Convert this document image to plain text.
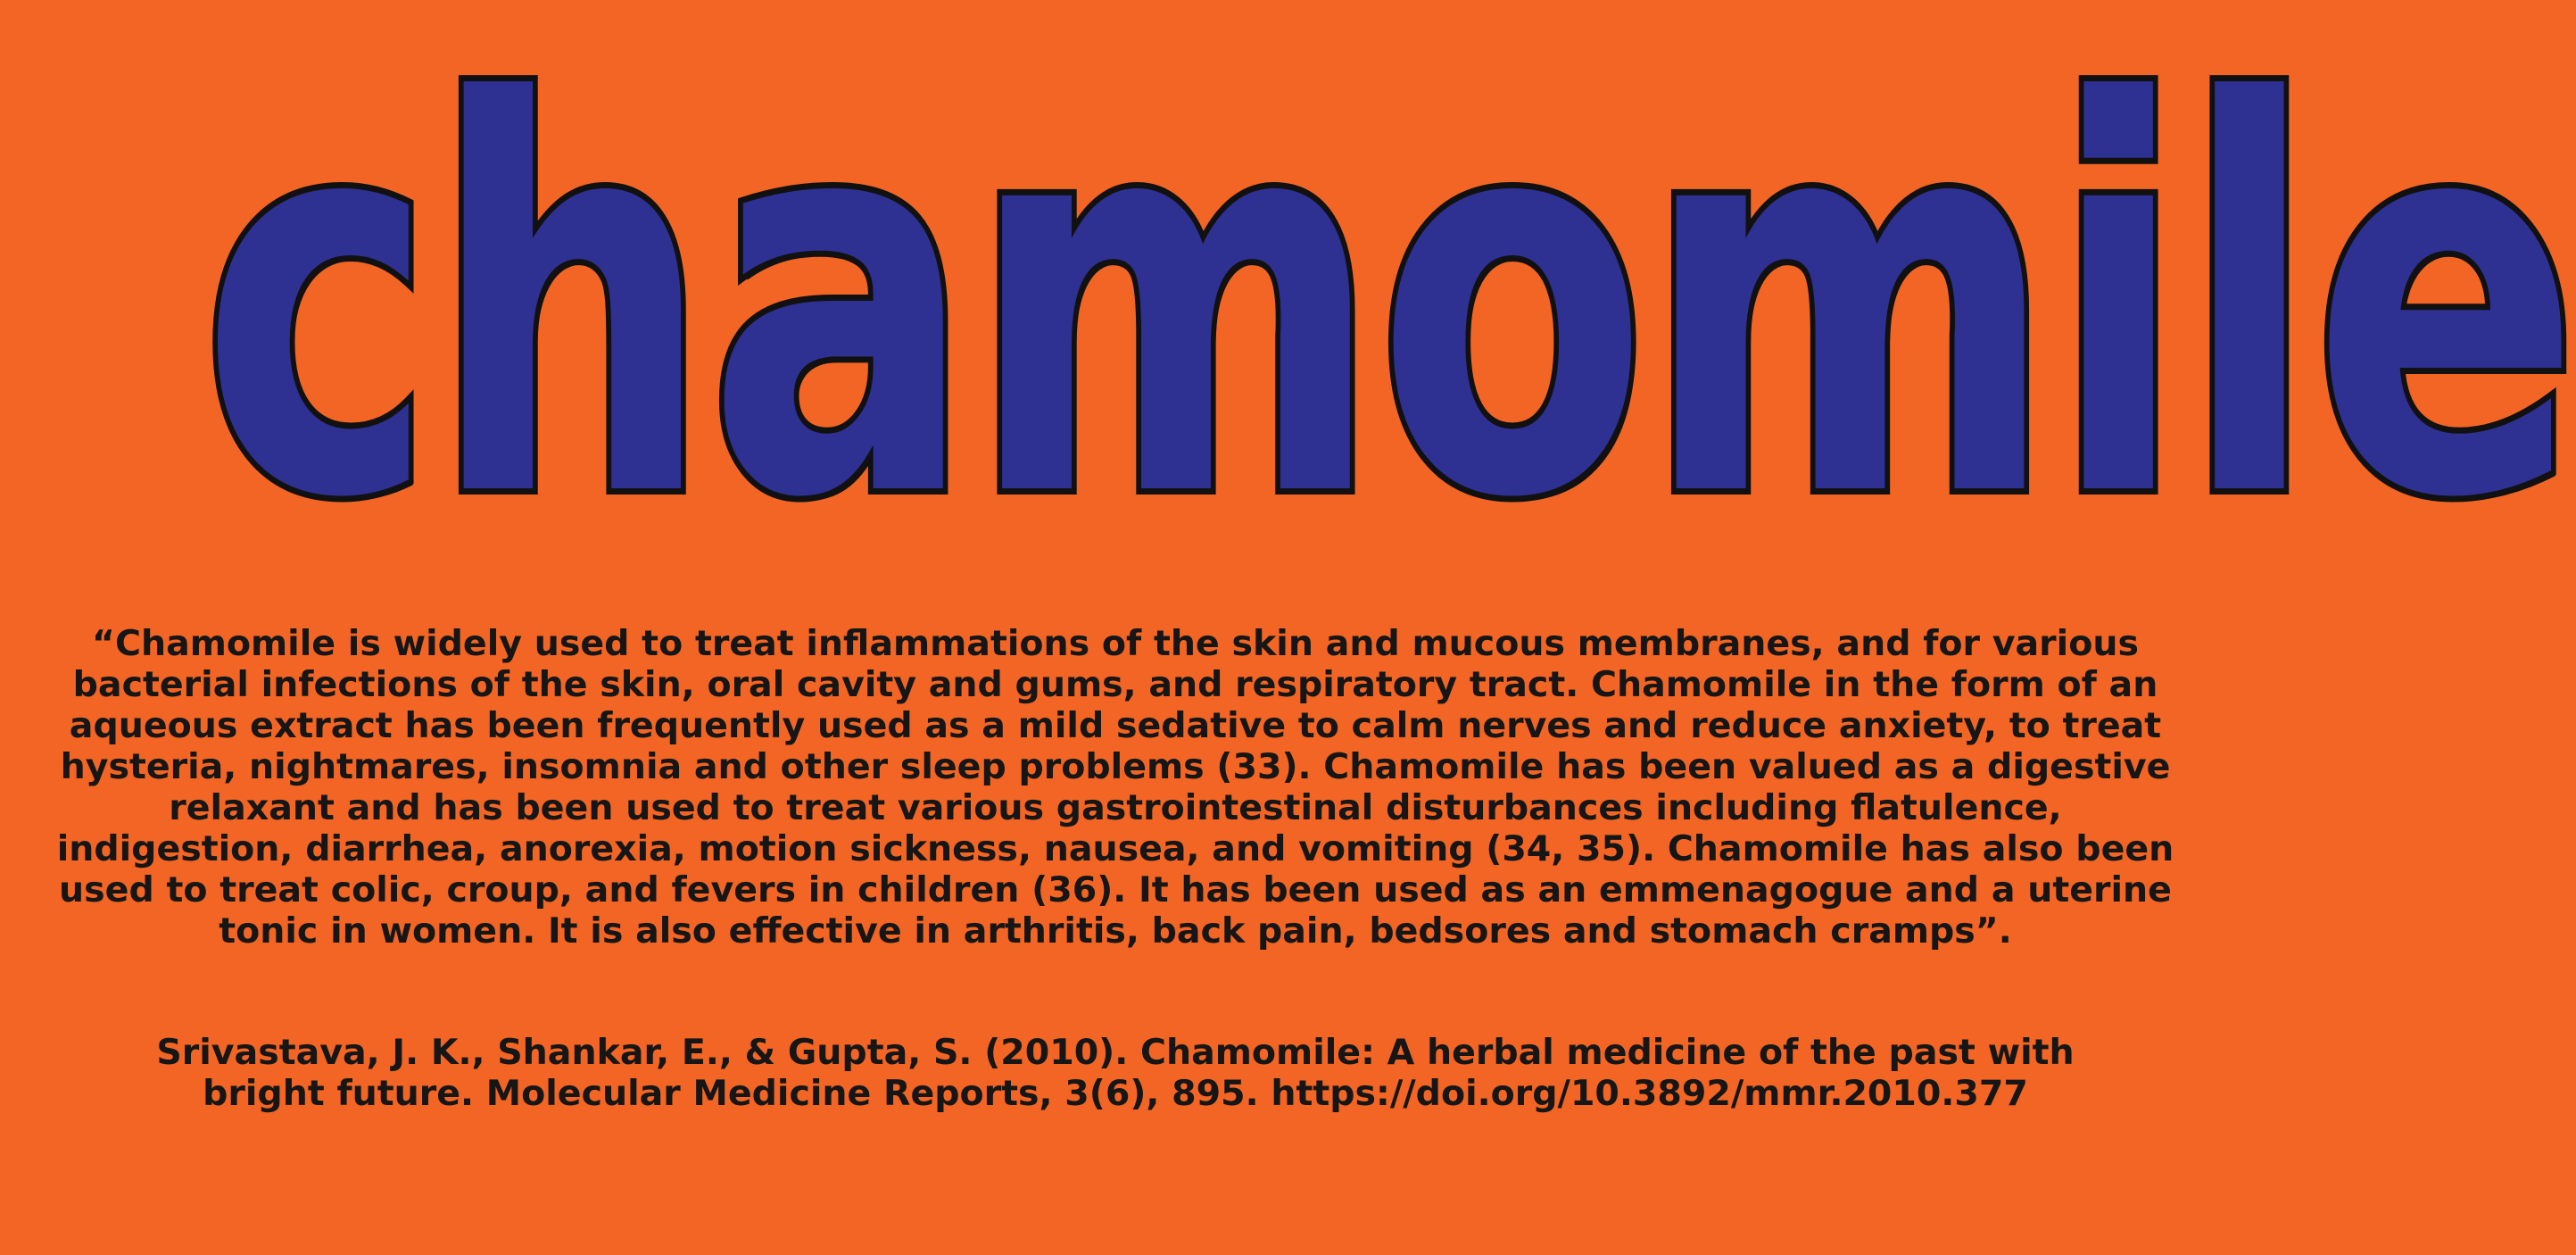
chamomile

“Chamomile is widely used to treat inflammations of the skin and mucous membranes, and for various bacterial infections of the skin, oral cavity and gums, and respiratory tract. Chamomile in the form of an aqueous extract has been frequently used as a mild sedative to calm nerves and reduce anxiety, to treat hysteria, nightmares, insomnia and other sleep problems (33). Chamomile has been valued as a digestive relaxant and has been used to treat various gastrointestinal disturbances including flatulence, indigestion, diarrhea, anorexia, motion sickness, nausea, and vomiting (34, 35). Chamomile has also been used to treat colic, croup, and fevers in children (36). It has been used as an emmenagogue and a uterine tonic in women. It is also effective in arthritis, back pain, bedsores and stomach cramps”.

Srivastava, J. K., Shankar, E., & Gupta, S. (2010). Chamomile: A herbal medicine of the past with bright future. Molecular Medicine Reports, 3(6), 895. https://doi.org/10.3892/mmr.2010.377
